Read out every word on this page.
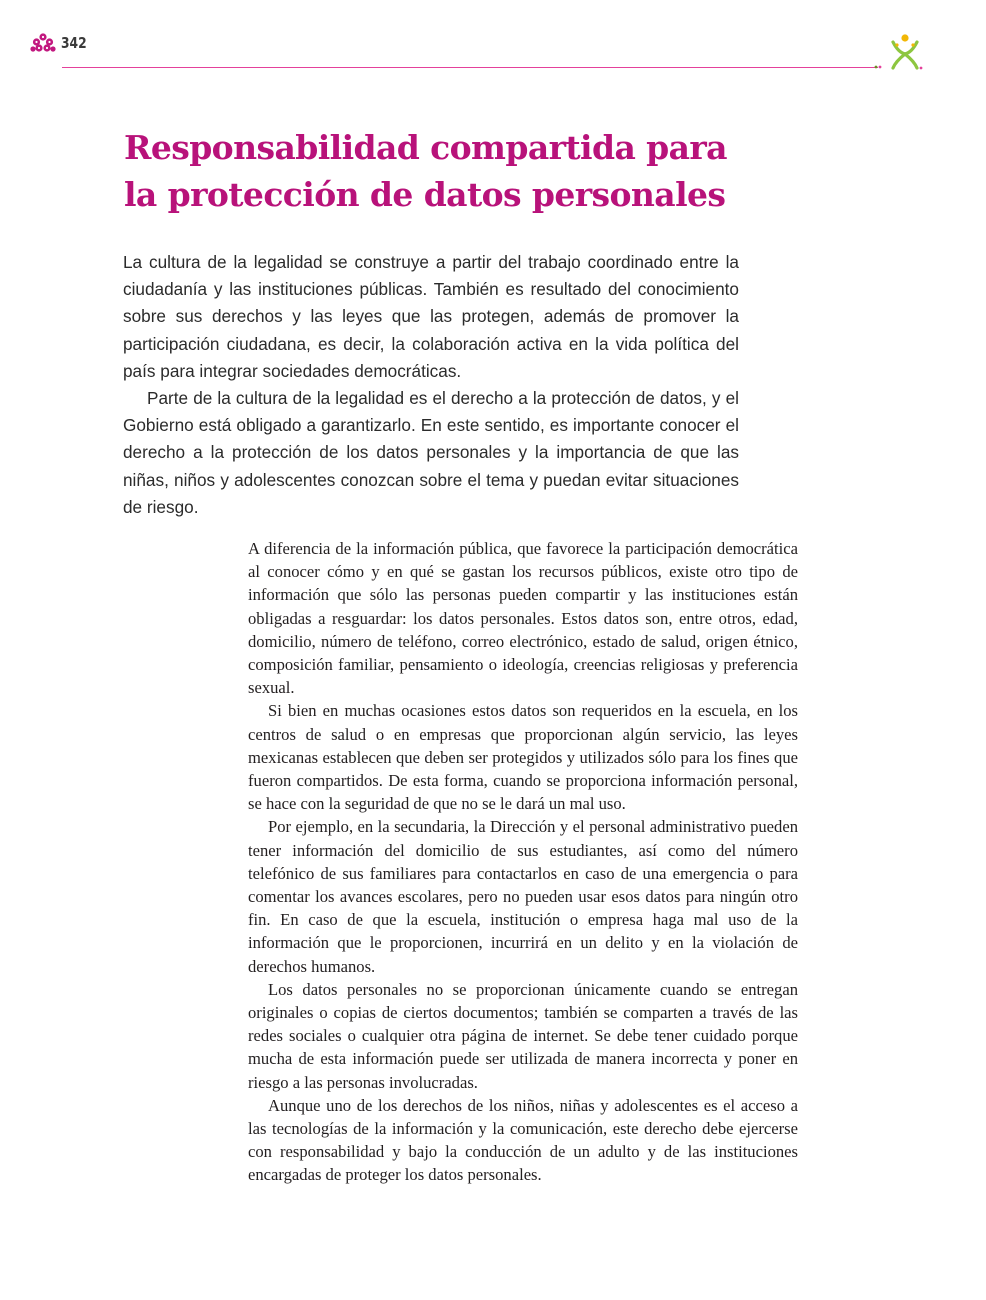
342
Responsabilidad compartida para
la protección de datos personales

La cultura de la legalidad se construye a partir del trabajo coordinado entre la ciudadanía y las instituciones públicas. También es resultado del conocimiento sobre sus derechos y las leyes que las protegen, además de promover la participación ciudadana, es decir, la colaboración activa en la vida política del país para integrar sociedades democráticas.

Parte de la cultura de la legalidad es el derecho a la protección de datos, y el Gobierno está obligado a garantizarlo. En este sentido, es importante conocer el derecho a la protección de los datos personales y la importancia de que las niñas, niños y adolescentes conozcan sobre el tema y puedan evitar situaciones de riesgo.

A diferencia de la información pública, que favorece la participación democrática al conocer cómo y en qué se gastan los recursos públicos, existe otro tipo de información que sólo las personas pueden compartir y las instituciones están obligadas a resguardar: los datos personales. Estos datos son, entre otros, edad, domicilio, número de teléfono, correo electrónico, estado de salud, origen étnico, composición familiar, pensamiento o ideología, creencias religiosas y preferencia sexual.

Si bien en muchas ocasiones estos datos son requeridos en la escuela, en los centros de salud o en empresas que proporcionan algún servicio, las leyes mexicanas establecen que deben ser protegidos y utilizados sólo para los fines que fueron compartidos. De esta forma, cuando se proporciona información personal, se hace con la seguridad de que no se le dará un mal uso.

Por ejemplo, en la secundaria, la Dirección y el personal administrativo pueden tener información del domicilio de sus estudiantes, así como del número telefónico de sus familiares para contactarlos en caso de una emergencia o para comentar los avances escolares, pero no pueden usar esos datos para ningún otro fin. En caso de que la escuela, institución o empresa haga mal uso de la información que le proporcionen, incurrirá en un delito y en la violación de derechos humanos.

Los datos personales no se proporcionan únicamente cuando se entregan originales o copias de ciertos documentos; también se comparten a través de las redes sociales o cualquier otra página de internet. Se debe tener cuidado porque mucha de esta información puede ser utilizada de manera incorrecta y poner en riesgo a las personas involucradas.

Aunque uno de los derechos de los niños, niñas y adolescentes es el acceso a las tecnologías de la información y la comunicación, este derecho debe ejercerse con responsabilidad y bajo la conducción de un adulto y de las instituciones encargadas de proteger los datos personales.
